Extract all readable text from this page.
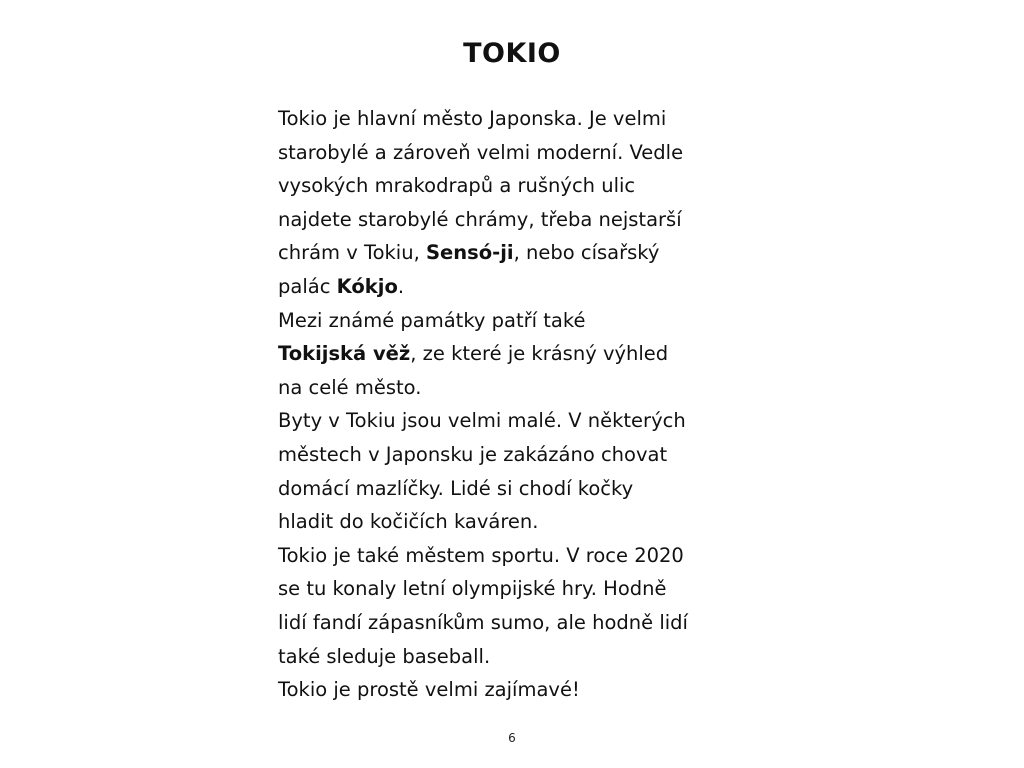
TOKIO
Tokio je hlavní město Japonska. Je velmi
starobylé a zároveň velmi moderní. Vedle
vysokých mrakodrapů a rušných ulic
najdete starobylé chrámy, třeba nejstarší
chrám v Tokiu, Sensó-ji, nebo císařský
palác Kókjo.
Mezi známé památky patří také
Tokijská věž, ze které je krásný výhled
na celé město.
Byty v Tokiu jsou velmi malé. V některých
městech v Japonsku je zakázáno chovat
domácí mazlíčky. Lidé si chodí kočky
hladit do kočičích kaváren.
Tokio je také městem sportu. V roce 2020
se tu konaly letní olympijské hry. Hodně
lidí fandí zápasníkům sumo, ale hodně lidí
také sleduje baseball.
Tokio je prostě velmi zajímavé!
6
